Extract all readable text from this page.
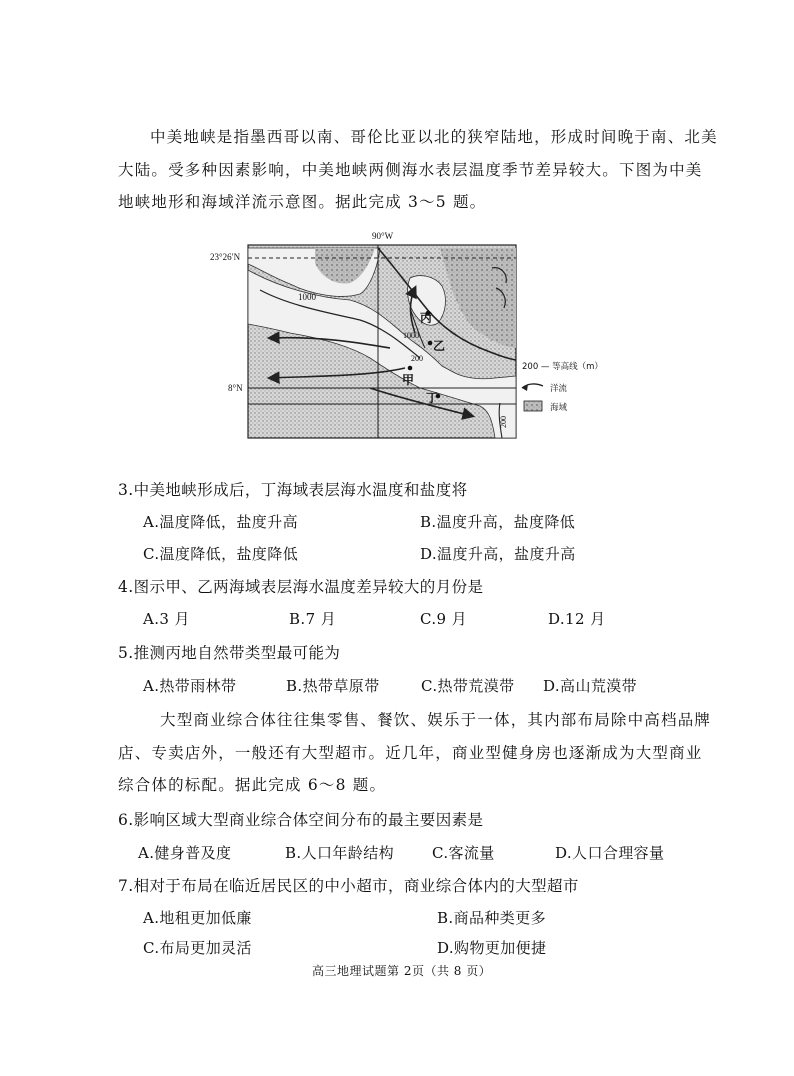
中美地峡是指墨西哥以南、哥伦比亚以北的狭窄陆地，形成时间晚于南、北美
大陆。受多种因素影响，中美地峡两侧海水表层温度季节差异较大。下图为中美
地峡地形和海域洋流示意图。据此完成 3～5 题。
90°W
23°26′N
8°N
1000
1000
200
200
丙
乙
甲
丁
200 — 等高线（m）
洋流
海域
3.中美地峡形成后，丁海域表层海水温度和盐度将
A.温度降低，盐度升高	B.温度升高，盐度降低
C.温度降低，盐度降低	D.温度升高，盐度升高
4.图示甲、乙两海域表层海水温度差异较大的月份是
A.3 月	B.7 月	C.9 月	D.12 月
5.推测丙地自然带类型最可能为
A.热带雨林带	B.热带草原带	C.热带荒漠带 D.高山荒漠带
大型商业综合体往往集零售、餐饮、娱乐于一体，其内部布局除中高档品牌
店、专卖店外，一般还有大型超市。近几年，商业型健身房也逐渐成为大型商业
综合体的标配。据此完成 6～8 题。
6.影响区域大型商业综合体空间分布的最主要因素是
A.健身普及度	B.人口年龄结构	C.客流量	D.人口合理容量
7.相对于布局在临近居民区的中小超市，商业综合体内的大型超市
A.地租更加低廉	B.商品种类更多
C.布局更加灵活	D.购物更加便捷
高三地理试题第 2页（共 8 页）
